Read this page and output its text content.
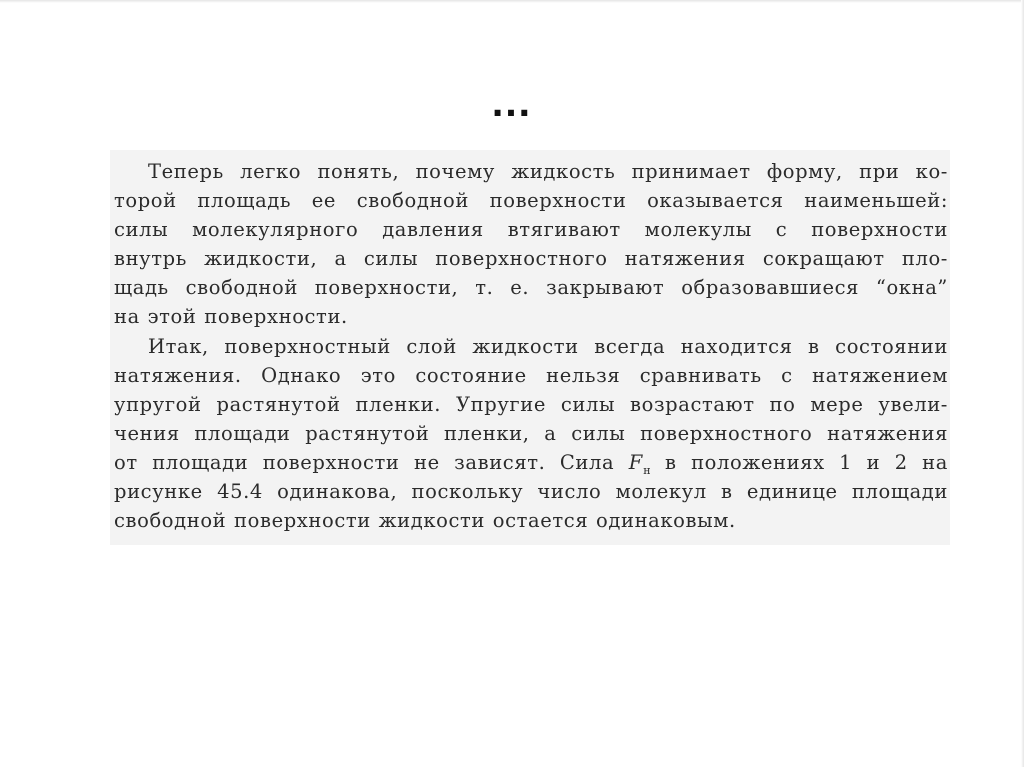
…
Теперь легко понять, почему жидкость принимает форму, при ко-
торой площадь ее свободной поверхности оказывается наименьшей:
силы молекулярного давления втягивают молекулы с поверхности
внутрь жидкости, а силы поверхностного натяжения сокращают пло-
щадь свободной поверхности, т. е. закрывают образовавшиеся “окна”
на этой поверхности.
Итак, поверхностный слой жидкости всегда находится в состоянии
натяжения. Однако это состояние нельзя сравнивать с натяжением
упругой растянутой пленки. Упругие силы возрастают по мере увели-
чения площади растянутой пленки, а силы поверхностного натяжения
от площади поверхности не зависят. Сила $F_н$ в положениях 1 и 2 на
рисунке 45.4 одинакова, поскольку число молекул в единице площади
свободной поверхности жидкости остается одинаковым.
